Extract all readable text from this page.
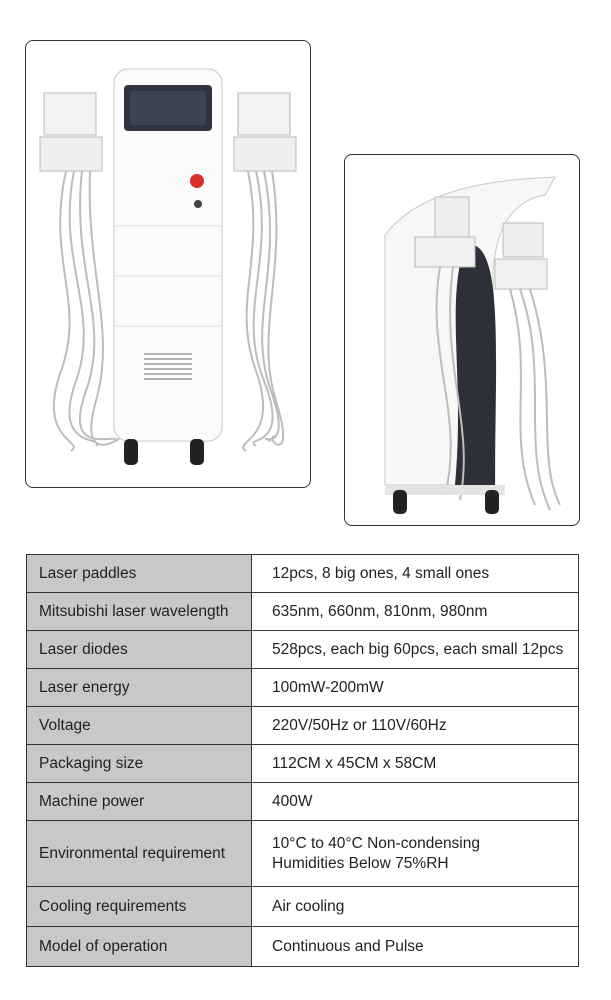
Laser paddles	12pcs, 8 big ones, 4 small ones

Mitsubishi laser wavelength	635nm, 660nm, 810nm, 980nm

Laser diodes	528pcs, each big 60pcs, each small 12pcs

Laser energy	100mW-200mW

Voltage	220V/50Hz or 110V/60Hz

Packaging size	112CM x 45CM x 58CM

Machine power	400W

Environmental requirement	10°C to 40°C Non-condensing
Humidities Below 75%RH

Cooling requirements	Air cooling

Model of operation	Continuous and Pulse
